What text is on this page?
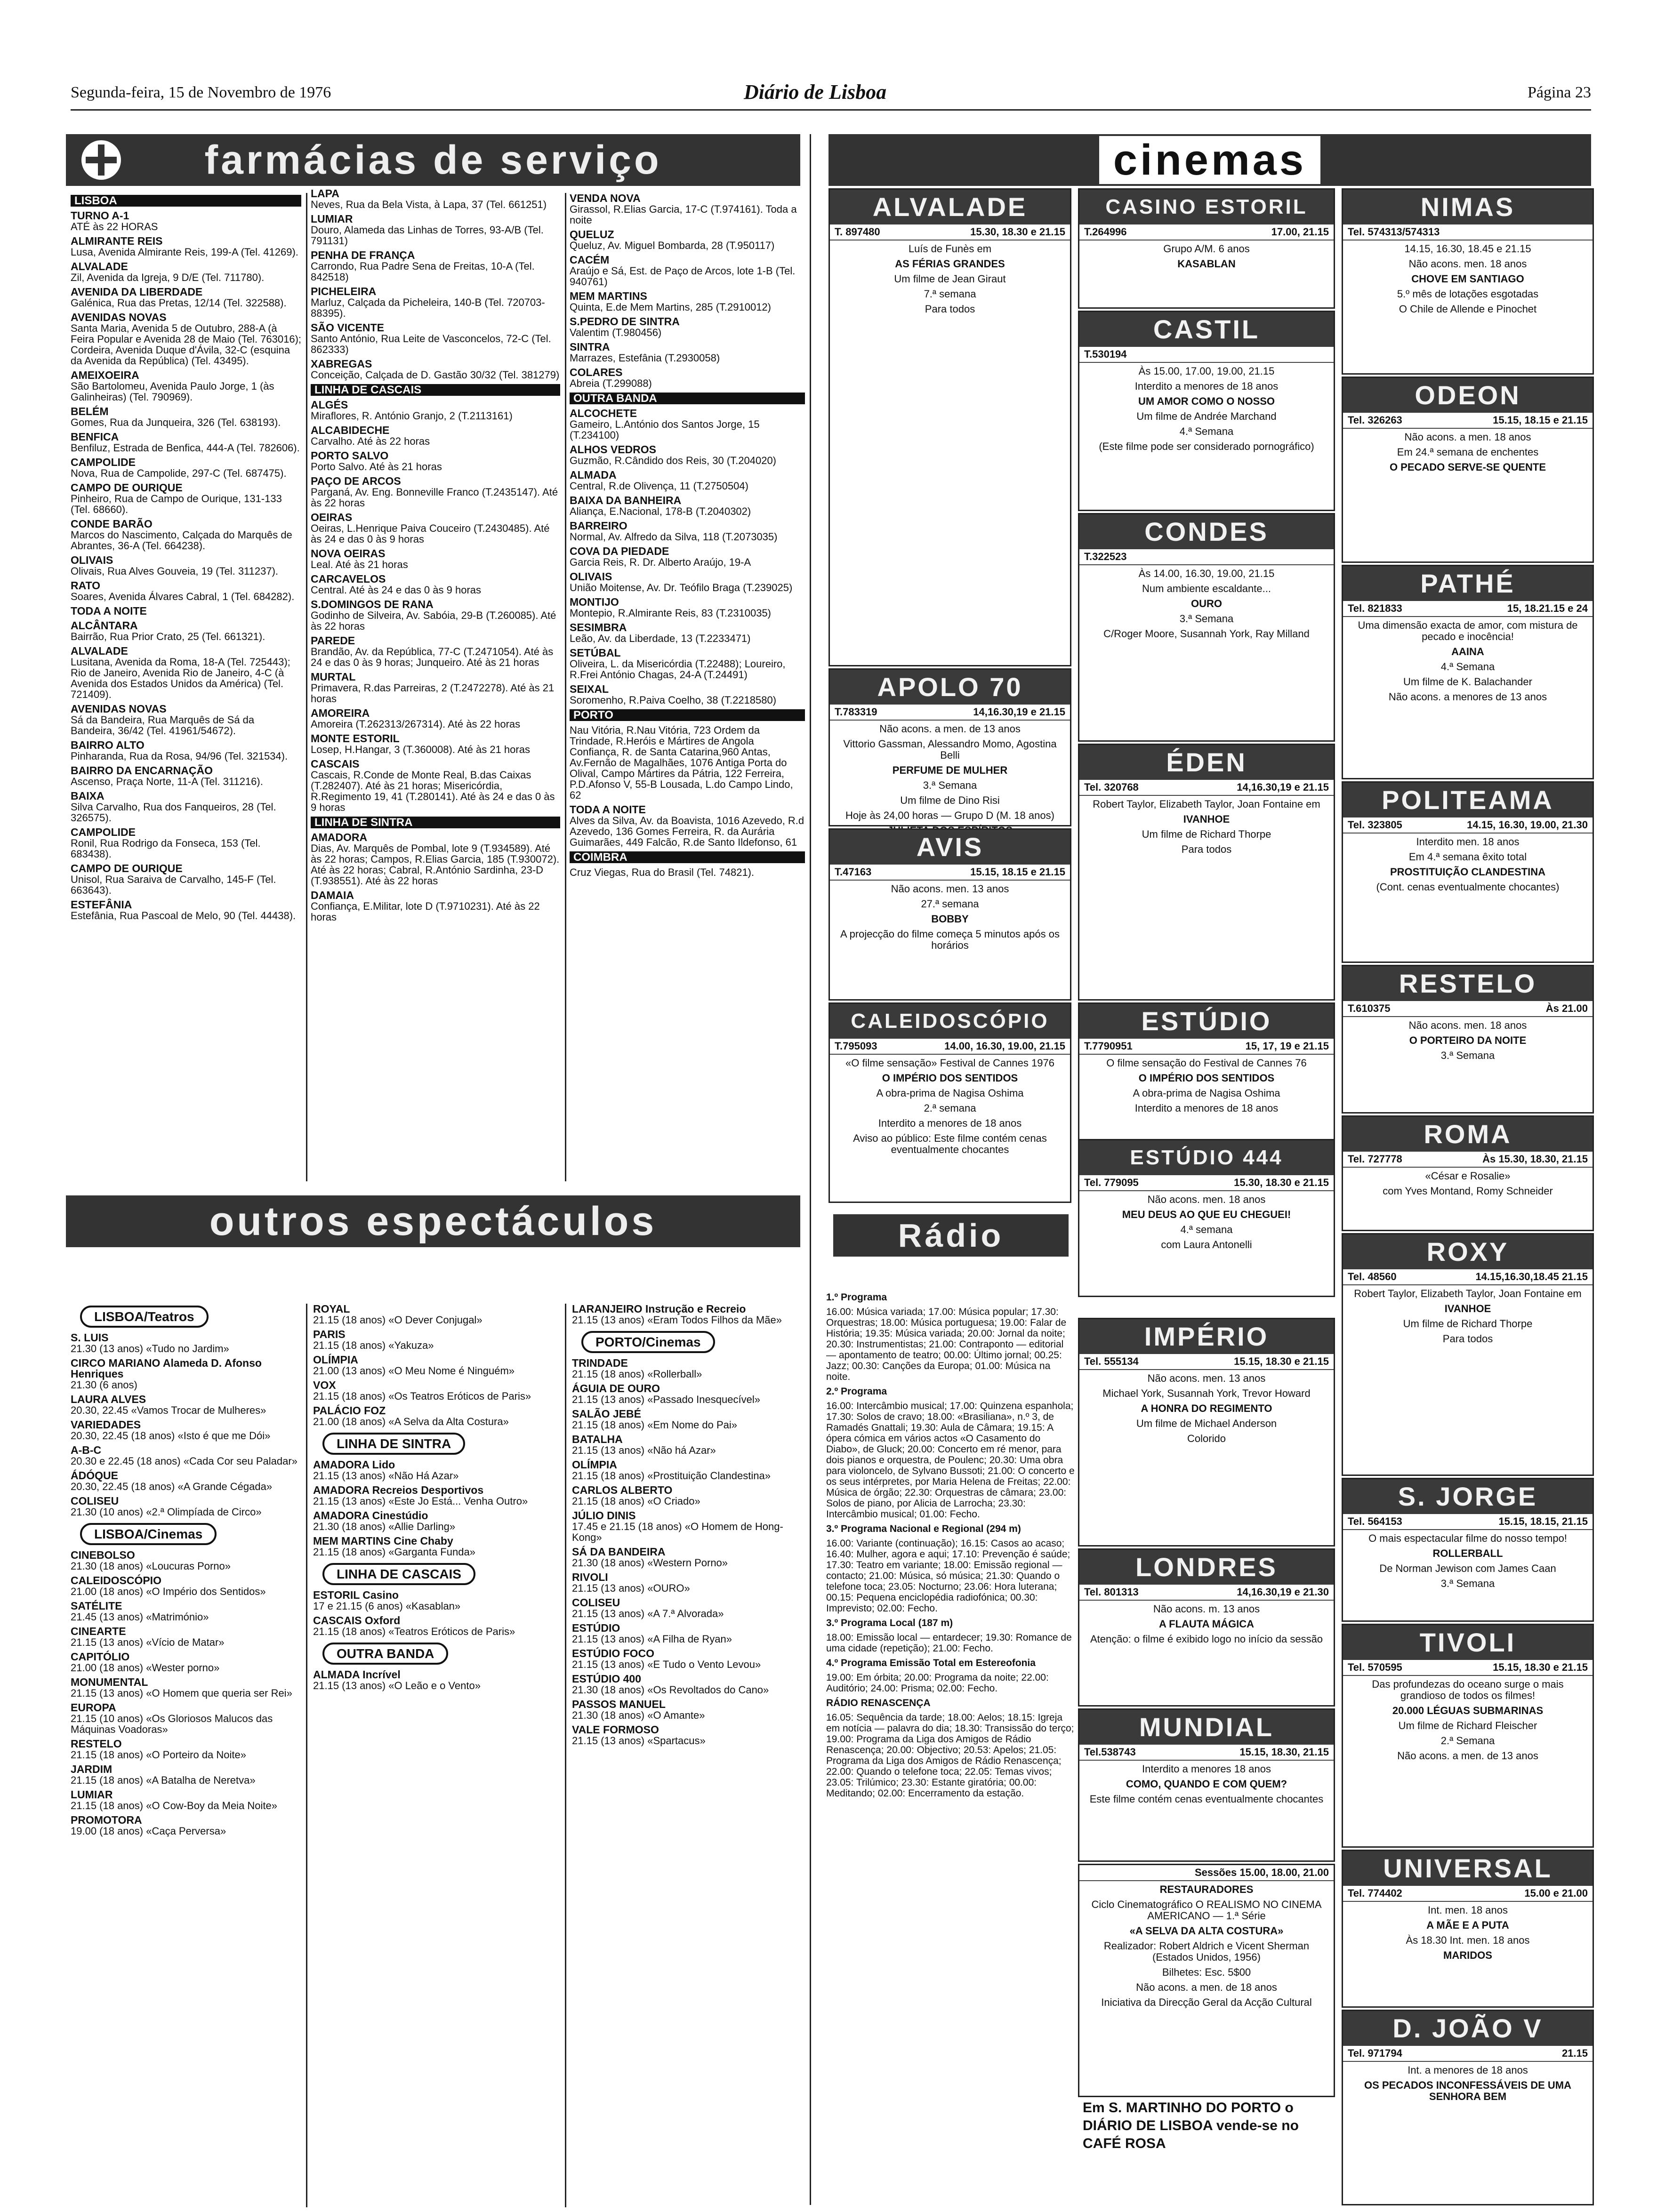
Segunda-feira, 15 de Novembro de 1976	Diário de Lisboa	Página 23
farmácias de serviço
LISBOA

TURNO A-1
ATÉ às 22 HORAS

ALMIRANTE REIS
Lusa, Avenida Almirante Reis, 199-A (Tel. 41269).

ALVALADE
Zil, Avenida da Igreja, 9 D/E (Tel. 711780).

AVENIDA DA LIBERDADE
Galénica, Rua das Pretas, 12/14 (Tel. 322588).

AVENIDAS NOVAS
Santa Maria, Avenida 5 de Outubro, 288-A (à Feira Popular e Avenida 28 de Maio (Tel. 763016); Cordeira, Avenida Duque d'Ávila, 32-C (esquina da Avenida da República) (Tel. 43495).

AMEIXOEIRA
São Bartolomeu, Avenida Paulo Jorge, 1 (às Galinheiras) (Tel. 790969).

BELÉM
Gomes, Rua da Junqueira, 326 (Tel. 638193).

BENFICA
Benfiluz, Estrada de Benfica, 444-A (Tel. 782606).

CAMPOLIDE
Nova, Rua de Campolide, 297-C (Tel. 687475).

CAMPO DE OURIQUE
Pinheiro, Rua de Campo de Ourique, 131-133 (Tel. 68660).

CONDE BARÃO
Marcos do Nascimento, Calçada do Marquês de Abrantes, 36-A (Tel. 664238).

OLIVAIS
Olivais, Rua Alves Gouveia, 19 (Tel. 311237).

RATO
Soares, Avenida Álvares Cabral, 1 (Tel. 684282).

TODA A NOITE

ALCÂNTARA
Bairrão, Rua Prior Crato, 25 (Tel. 661321).

ALVALADE
Lusitana, Avenida da Roma, 18-A (Tel. 725443); Rio de Janeiro, Avenida Rio de Janeiro, 4-C (à Avenida dos Estados Unidos da América) (Tel. 721409).

AVENIDAS NOVAS
Sá da Bandeira, Rua Marquês de Sá da Bandeira, 36/42 (Tel. 41961/54672).

BAIRRO ALTO
Pinharanda, Rua da Rosa, 94/96 (Tel. 321534).

BAIRRO DA ENCARNAÇÃO
Ascenso, Praça Norte, 11-A (Tel. 311216).

BAIXA
Silva Carvalho, Rua dos Fanqueiros, 28 (Tel. 326575).

CAMPOLIDE
Ronil, Rua Rodrigo da Fonseca, 153 (Tel. 683438).

CAMPO DE OURIQUE
Unisol, Rua Saraiva de Carvalho, 145-F (Tel. 663643).

ESTEFÂNIA
Estefânia, Rua Pascoal de Melo, 90 (Tel. 44438).

LAPA
Neves, Rua da Bela Vista, à Lapa, 37 (Tel. 661251)

LUMIAR
Douro, Alameda das Linhas de Torres, 93-A/B (Tel. 791131)

PENHA DE FRANÇA
Carrondo, Rua Padre Sena de Freitas, 10-A (Tel. 842518)

PICHELEIRA
Marluz, Calçada da Picheleira, 140-B (Tel. 720703-88395).

SÃO VICENTE
Santo António, Rua Leite de Vasconcelos, 72-C (Tel. 862333)

XABREGAS
Conceição, Calçada de D. Gastão 30/32 (Tel. 381279)

LINHA DE CASCAIS

ALGÉS
Miraflores, R. António Granjo, 2 (T.2113161)

ALCABIDECHE
Carvalho. Até às 22 horas

PORTO SALVO
Porto Salvo. Até às 21 horas

PAÇO DE ARCOS
Parganá, Av. Eng. Bonneville Franco (T.2435147). Até às 22 horas

OEIRAS
Oeiras, L.Henrique Paiva Couceiro (T.2430485). Até às 24 e das 0 às 9 horas

NOVA OEIRAS
Leal. Até às 21 horas

CARCAVELOS
Central. Até às 24 e das 0 às 9 horas

S.DOMINGOS DE RANA
Godinho de Silveira, Av. Sabóia, 29-B (T.260085). Até às 22 horas

PAREDE
Brandão, Av. da República, 77-C (T.2471054). Até às 24 e das 0 às 9 horas; Junqueiro. Até às 21 horas

MURTAL
Primavera, R.das Parreiras, 2 (T.2472278). Até às 21 horas

AMOREIRA
Amoreira (T.262313/267314). Até às 22 horas

MONTE ESTORIL
Losep, H.Hangar, 3 (T.360008). Até às 21 horas

CASCAIS
Cascais, R.Conde de Monte Real, B.das Caixas (T.282407). Até às 21 horas; Misericórdia, R.Regimento 19, 41 (T.280141). Até às 24 e das 0 às 9 horas

LINHA DE SINTRA

AMADORA
Dias, Av. Marquês de Pombal, lote 9 (T.934589). Até às 22 horas; Campos, R.Elias Garcia, 185 (T.930072). Até às 22 horas; Cabral, R.António Sardinha, 23-D (T.938551). Até às 22 horas

DAMAIA
Confiança, E.Militar, lote D (T.9710231). Até às 22 horas

VENDA NOVA
Girassol, R.Elias Garcia, 17-C (T.974161). Toda a noite

QUELUZ
Queluz, Av. Miguel Bombarda, 28 (T.950117)

CACÉM
Araújo e Sá, Est. de Paço de Arcos, lote 1-B (Tel. 940761)

MEM MARTINS
Quinta, E.de Mem Martins, 285 (T.2910012)

S.PEDRO DE SINTRA
Valentim (T.980456)

SINTRA
Marrazes, Estefânia (T.2930058)

COLARES
Abreia (T.299088)

OUTRA BANDA

ALCOCHETE
Gameiro, L.António dos Santos Jorge, 15 (T.234100)

ALHOS VEDROS
Guzmão, R.Cândido dos Reis, 30 (T.204020)

ALMADA
Central, R.de Olivença, 11 (T.2750504)

BAIXA DA BANHEIRA
Aliança, E.Nacional, 178-B (T.2040302)

BARREIRO
Normal, Av. Alfredo da Silva, 118 (T.2073035)

COVA DA PIEDADE
Garcia Reis, R. Dr. Alberto Araújo, 19-A

OLIVAIS
União Moitense, Av. Dr. Teófilo Braga (T.239025)

MONTIJO
Montepio, R.Almirante Reis, 83 (T.2310035)

SESIMBRA
Leão, Av. da Liberdade, 13 (T.2233471)

SETÚBAL
Oliveira, L. da Misericórdia (T.22488); Loureiro, R.Frei António Chagas, 24-A (T.24491)

SEIXAL
Soromenho, R.Paiva Coelho, 38 (T.2218580)

PORTO

Nau Vitória, R.Nau Vitória, 723 Ordem da Trindade, R.Heróis e Mártires de Angola Confiança, R. de Santa Catarina,960 Antas, Av.Fernão de Magalhães, 1076 Antiga Porta do Olival, Campo Mártires da Pátria, 122 Ferreira, P.D.Afonso V, 55-B Lousada, L.do Campo Lindo, 62

TODA A NOITE
Alves da Silva, Av. da Boavista, 1016 Azevedo, R.d Azevedo, 136 Gomes Ferreira, R. da Aurária Guimarães, 449 Falcão, R.de Santo Ildefonso, 61

COIMBRA

Cruz Viegas, Rua do Brasil (Tel. 74821).

outros espectáculos
LISBOA/Teatros

S. LUIS
21.30 (13 anos) «Tudo no Jardim»

CIRCO MARIANO Alameda D. Afonso Henriques
21.30 (6 anos)

LAURA ALVES
20.30, 22.45 «Vamos Trocar de Mulheres»

VARIEDADES
20.30, 22.45 (18 anos) «Isto é que me Dói»

A-B-C
20.30 e 22.45 (18 anos) «Cada Cor seu Paladar»

ÁDÓQUE
20.30, 22.45 (18 anos) «A Grande Cégada»

COLISEU
21.30 (10 anos) «2.ª Olimpíada de Circo»

LISBOA/Cinemas

CINEBOLSO
21.30 (18 anos) «Loucuras Porno»

CALEIDOSCÓPIO
21.00 (18 anos) «O Império dos Sentidos»

SATÉLITE
21.45 (13 anos) «Matrimónio»

CINEARTE
21.15 (13 anos) «Vício de Matar»

CAPITÓLIO
21.00 (18 anos) «Wester porno»

MONUMENTAL
21.15 (13 anos) «O Homem que queria ser Rei»

EUROPA
21.15 (10 anos) «Os Gloriosos Malucos das Máquinas Voadoras»

RESTELO
21.15 (18 anos) «O Porteiro da Noite»

JARDIM
21.15 (18 anos) «A Batalha de Neretva»

LUMIAR
21.15 (18 anos) «O Cow-Boy da Meia Noite»

PROMOTORA
19.00 (18 anos) «Caça Perversa»

ROYAL
21.15 (18 anos) «O Dever Conjugal»

PARIS
21.15 (18 anos) «Yakuza»

OLÍMPIA
21.00 (13 anos) «O Meu Nome é Ninguém»

VOX
21.15 (18 anos) «Os Teatros Eróticos de Paris»

PALÁCIO FOZ
21.00 (18 anos) «A Selva da Alta Costura»

LINHA DE SINTRA

AMADORA Lido
21.15 (13 anos) «Não Há Azar»

AMADORA Recreios Desportivos
21.15 (13 anos) «Este Jo Está... Venha Outro»

AMADORA Cinestúdio
21.30 (18 anos) «Allie Darling»

MEM MARTINS Cine Chaby
21.15 (18 anos) «Garganta Funda»

LINHA DE CASCAIS

ESTORIL Casino
17 e 21.15 (6 anos) «Kasablan»

CASCAIS Oxford
21.15 (18 anos) «Teatros Eróticos de Paris»

OUTRA BANDA

ALMADA Incrível
21.15 (13 anos) «O Leão e o Vento»

LARANJEIRO Instrução e Recreio
21.15 (13 anos) «Eram Todos Filhos da Mãe»

PORTO/Cinemas

TRINDADE
21.15 (18 anos) «Rollerball»

ÁGUIA DE OURO
21.15 (13 anos) «Passado Inesquecível»

SALÃO JEBÉ
21.15 (18 anos) «Em Nome do Pai»

BATALHA
21.15 (13 anos) «Não há Azar»

OLÍMPIA
21.15 (18 anos) «Prostituição Clandestina»

CARLOS ALBERTO
21.15 (18 anos) «O Criado»

JÚLIO DINIS
17.45 e 21.15 (18 anos) «O Homem de Hong-Kong»

SÁ DA BANDEIRA
21.30 (18 anos) «Western Porno»

RIVOLI
21.15 (13 anos) «OURO»

COLISEU
21.15 (13 anos) «A 7.ª Alvorada»

ESTÚDIO
21.15 (13 anos) «A Filha de Ryan»

ESTÚDIO FOCO
21.15 (13 anos) «E Tudo o Vento Levou»

ESTÚDIO 400
21.30 (18 anos) «Os Revoltados do Cano»

PASSOS MANUEL
21.30 (18 anos) «O Amante»

VALE FORMOSO
21.15 (13 anos) «Spartacus»

cinemas
ALVALADE
T. 897480	15.30, 18.30 e 21.15

Luís de Funès em

AS FÉRIAS GRANDES

Um filme de Jean Giraut

7.ª semana

Para todos

APOLO 70
T.783319	14,16.30,19 e 21.15

Não acons. a men. de 13 anos

Vittorio Gassman, Alessandro Momo, Agostina Belli

PERFUME DE MULHER

3.ª Semana

Um filme de Dino Risi

Hoje às 24,00 horas — Grupo D (M. 18 anos)

AVIS
T.47163	15.15, 18.15 e 21.15

Não acons. men. 13 anos

27.ª semana

BOBBY

A projecção do filme começa 5 minutos após os horários

CALEIDOSCÓPIO
T.795093	14.00, 16.30, 19.00, 21.15

«O filme sensação» Festival de Cannes 1976

O IMPÉRIO DOS SENTIDOS

A obra-prima de Nagisa Oshima

2.ª semana

Interdito a menores de 18 anos

Aviso ao público: Este filme contém cenas eventualmente chocantes

CASINO ESTORIL
T.264996	17.00, 21.15

Grupo A/M. 6 anos

KASABLAN

CASTIL
T.530194

Às 15.00, 17.00, 19.00, 21.15

Interdito a menores de 18 anos

UM AMOR COMO O NOSSO

Um filme de Andrée Marchand

4.ª Semana

(Este filme pode ser considerado pornográfico)

CONDES
T.322523

Às 14.00, 16.30, 19.00, 21.15

Num ambiente escaldante...

OURO

3.ª Semana

C/Roger Moore, Susannah York, Ray Milland

ÉDEN
Tel. 320768	14,16.30,19 e 21.15

Robert Taylor, Elizabeth Taylor, Joan Fontaine em

IVANHOE

Um filme de Richard Thorpe

Para todos

ESTÚDIO
T.7790951	15, 17, 19 e 21.15

O filme sensação do Festival de Cannes 76

O IMPÉRIO DOS SENTIDOS

A obra-prima de Nagisa Oshima

Interdito a menores de 18 anos

ESTÚDIO 444
Tel. 779095	15.30, 18.30 e 21.15

Não acons. men. 18 anos

MEU DEUS AO QUE EU CHEGUEI!

4.ª semana

com Laura Antonelli

IMPÉRIO
Tel. 555134	15.15, 18.30 e 21.15

Não acons. men. 13 anos

Michael York, Susannah York, Trevor Howard

A HONRA DO REGIMENTO

Um filme de Michael Anderson

Colorido

LONDRES
Tel. 801313	14,16.30,19 e 21.30

Não acons. m. 13 anos

A FLAUTA MÁGICA

Atenção: o filme é exibido logo no início da sessão

MUNDIAL
Tel.538743	15.15, 18.30, 21.15

Interdito a menores 18 anos

COMO, QUANDO E COM QUEM?

Este filme contém cenas eventualmente chocantes

Sessões 15.00, 18.00, 21.00

RESTAURADORES

Ciclo Cinematográfico O REALISMO NO CINEMA AMERICANO — 1.ª Série

«A SELVA DA ALTA COSTURA»

Realizador: Robert Aldrich e Vicent Sherman (Estados Unidos, 1956)

Bilhetes: Esc. 5$00

Não acons. a men. de 18 anos

Iniciativa da Direcção Geral da Acção Cultural

NIMAS
Tel. 574313/574313

14.15, 16.30, 18.45 e 21.15

Não acons. men. 18 anos

CHOVE EM SANTIAGO

5.º mês de lotações esgotadas

O Chile de Allende e Pinochet

ODEON
Tel. 326263	15.15, 18.15 e 21.15

Não acons. a men. 18 anos

Em 24.ª semana de enchentes

O PECADO SERVE-SE QUENTE

PATHÉ
Tel. 821833	15, 18.21.15 e 24

Uma dimensão exacta de amor, com mistura de pecado e inocência!

AAINA

4.ª Semana

Um filme de K. Balachander

Não acons. a menores de 13 anos

POLITEAMA
Tel. 323805	14.15, 16.30, 19.00, 21.30

Interdito men. 18 anos

Em 4.ª semana êxito total

PROSTITUIÇÃO CLANDESTINA

(Cont. cenas eventualmente chocantes)

RESTELO
T.610375	Às 21.00

Não acons. men. 18 anos

O PORTEIRO DA NOITE

3.ª Semana

ROMA
Tel. 727778	Às 15.30, 18.30, 21.15

«César e Rosalie»

com Yves Montand, Romy Schneider

ROXY
Tel. 48560	14.15,16.30,18.45 21.15

Robert Taylor, Elizabeth Taylor, Joan Fontaine em

IVANHOE

Um filme de Richard Thorpe

Para todos

S. JORGE
Tel. 564153	15.15, 18.15, 21.15

O mais espectacular filme do nosso tempo!

ROLLERBALL

De Norman Jewison com James Caan

3.ª Semana

TIVOLI
Tel. 570595	15.15, 18.30 e 21.15

Das profundezas do oceano surge o mais grandioso de todos os filmes!

20.000 LÉGUAS SUBMARINAS

Um filme de Richard Fleischer

2.ª Semana

Não acons. a men. de 13 anos

UNIVERSAL
Tel. 774402	15.00 e 21.00

Int. men. 18 anos

A MÃE E A PUTA

Às 18.30 Int. men. 18 anos

MARIDOS

D. JOÃO V
Tel. 971794	21.15

Int. a menores de 18 anos

OS PECADOS INCONFESSÁVEIS DE UMA SENHORA BEM

Rádio

1.º Programa

16.00: Música variada; 17.00: Música popular; 17.30: Orquestras; 18.00: Música portuguesa; 19.00: Falar de História; 19.35: Música variada; 20.00: Jornal da noite; 20.30: Instrumentistas; 21.00: Contraponto — editorial — apontamento de teatro; 00.00: Último jornal; 00.25: Jazz; 00.30: Canções da Europa; 01.00: Música na noite.

2.º Programa

16.00: Intercâmbio musical; 17.00: Quinzena espanhola; 17.30: Solos de cravo; 18.00: «Brasiliana», n.º 3, de Ramadés Gnattali; 19.30: Aula de Câmara; 19.15: A ópera cómica em vários actos «O Casamento do Diabo», de Gluck; 20.00: Concerto em ré menor, para dois pianos e orquestra, de Poulenc; 20.30: Uma obra para violoncelo, de Sylvano Bussoti; 21.00: O concerto e os seus intérpretes, por Maria Helena de Freitas; 22.00: Música de órgão; 22.30: Orquestras de câmara; 23.00: Solos de piano, por Alicia de Larrocha; 23.30: Intercâmbio musical; 01.00: Fecho.

3.º Programa Nacional e Regional (294 m)

16.00: Variante (continuação); 16.15: Casos ao acaso; 16.40: Mulher, agora e aqui; 17.10: Prevenção é saúde; 17.30: Teatro em variante; 18.00: Emissão regional — contacto; 21.00: Música, só música; 21.30: Quando o telefone toca; 23.05: Nocturno; 23.06: Hora luterana; 00.15: Pequena enciclopédia radiofónica; 00.30: Imprevisto; 02.00: Fecho.

3.º Programa Local (187 m)

18.00: Emissão local — entardecer; 19.30: Romance de uma cidade (repetição); 21.00: Fecho.

4.º Programa Emissão Total em Estereofonia

19.00: Em órbita; 20.00: Programa da noite; 22.00: Auditório; 24.00: Prisma; 02.00: Fecho.

RÁDIO RENASCENÇA

16.05: Sequência da tarde; 18.00: Aelos; 18.15: Igreja em notícia — palavra do dia; 18.30: Transissão do terço; 19.00: Programa da Liga dos Amigos de Rádio Renascença; 20.00: Objectivo; 20.53: Apelos; 21.05: Programa da Liga dos Amigos de Rádio Renascença; 22.00: Quando o telefone toca; 22.05: Temas vivos; 23.05: Trilúmico; 23.30: Estante giratória; 00.00: Meditando; 02.00: Encerramento da estação.

Em S. MARTINHO DO PORTO o DIÁRIO DE LISBOA vende-se no CAFÉ ROSA
